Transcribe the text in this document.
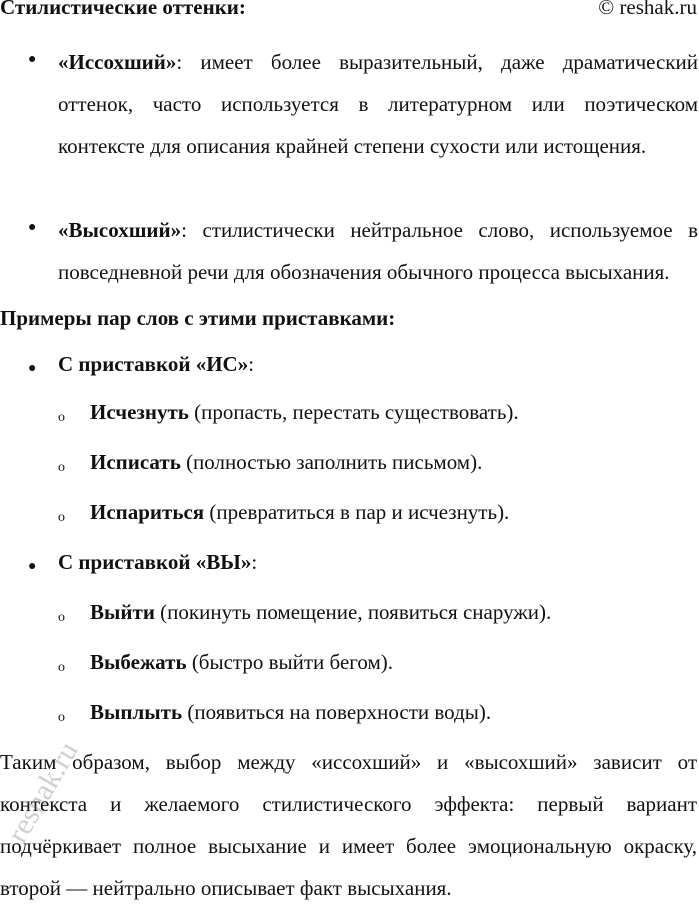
Стилистические оттенки:	© reshak.ru
● «Иссохший»: имеет более выразительный, даже драматический оттенок, часто используется в литературном или поэтическом контексте для описания крайней степени сухости или истощения.
● «Высохший»: стилистически нейтральное слово, используемое в повседневной речи для обозначения обычного процесса высыхания.
Примеры пар слов с этими приставками:
● С приставкой «ИС»:
o Исчезнуть (пропасть, перестать существовать).
o Исписать (полностью заполнить письмом).
o Испариться (превратиться в пар и исчезнуть).
● С приставкой «ВЫ»:
o Выйти (покинуть помещение, появиться снаружи).
o Выбежать (быстро выйти бегом).
o Выплыть (появиться на поверхности воды).
Таким образом, выбор между «иссохший» и «высохший» зависит от контекста и желаемого стилистического эффекта: первый вариант подчёркивает полное высыхание и имеет более эмоциональную окраску, второй — нейтрально описывает факт высыхания.
reshak.ru
